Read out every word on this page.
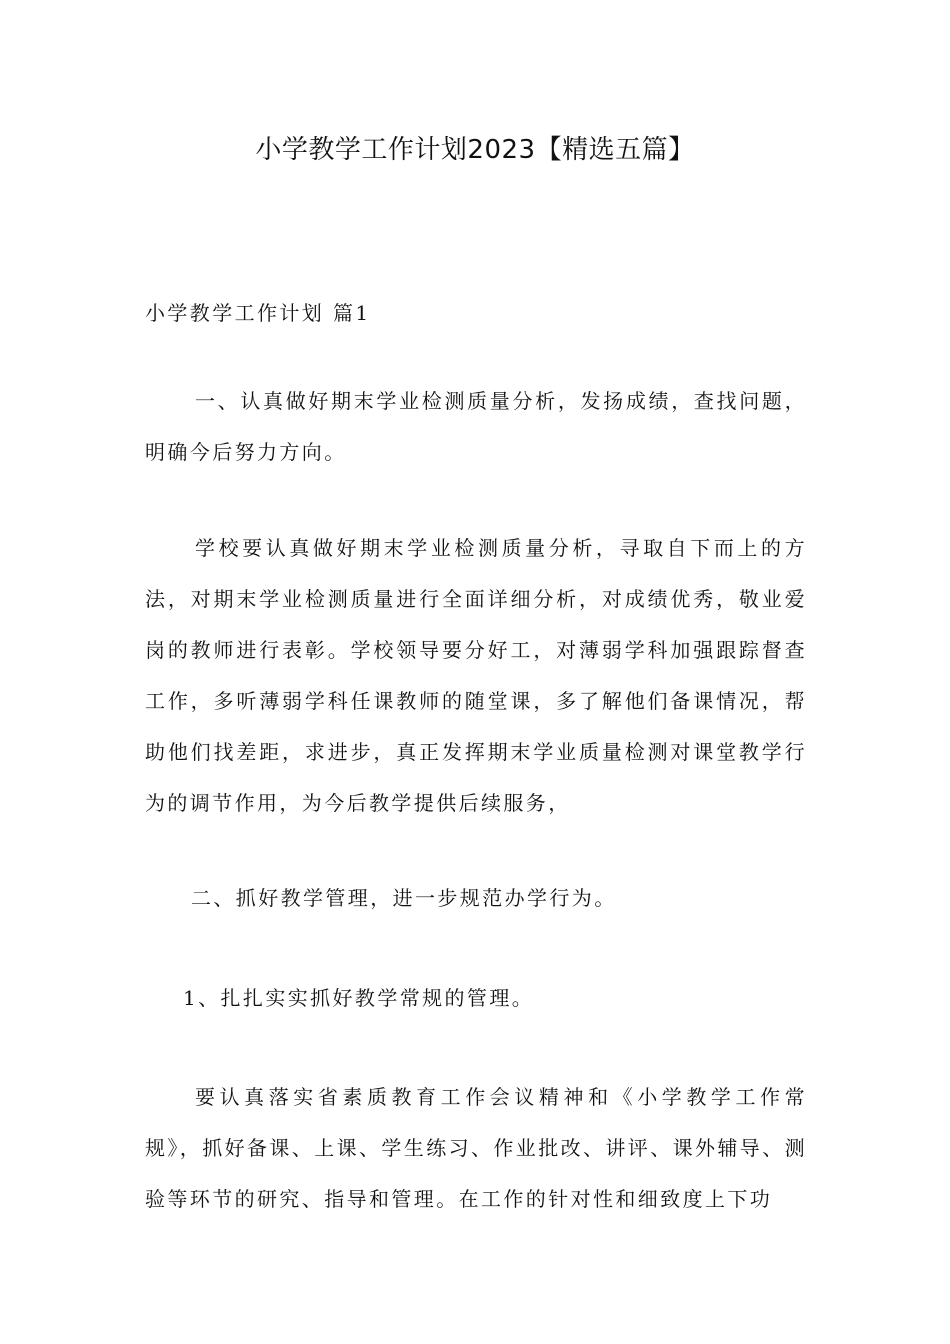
小学教学工作计划2023【精选五篇】
小学教学工作计划 篇1
一、认真做好期末学业检测质量分析，发扬成绩，查找问题，明确今后努力方向。
学校要认真做好期末学业检测质量分析，寻取自下而上的方法，对期末学业检测质量进行全面详细分析，对成绩优秀，敬业爱岗的教师进行表彰。学校领导要分好工，对薄弱学科加强跟踪督查工作，多听薄弱学科任课教师的随堂课，多了解他们备课情况，帮助他们找差距，求进步，真正发挥期末学业质量检测对课堂教学行为的调节作用，为今后教学提供后续服务，
二、抓好教学管理，进一步规范办学行为。
1、扎扎实实抓好教学常规的管理。
要认真落实省素质教育工作会议精神和《小学教学工作常规》，抓好备课、上课、学生练习、作业批改、讲评、课外辅导、测验等环节的研究、指导和管理。在工作的针对性和细致度上下功
